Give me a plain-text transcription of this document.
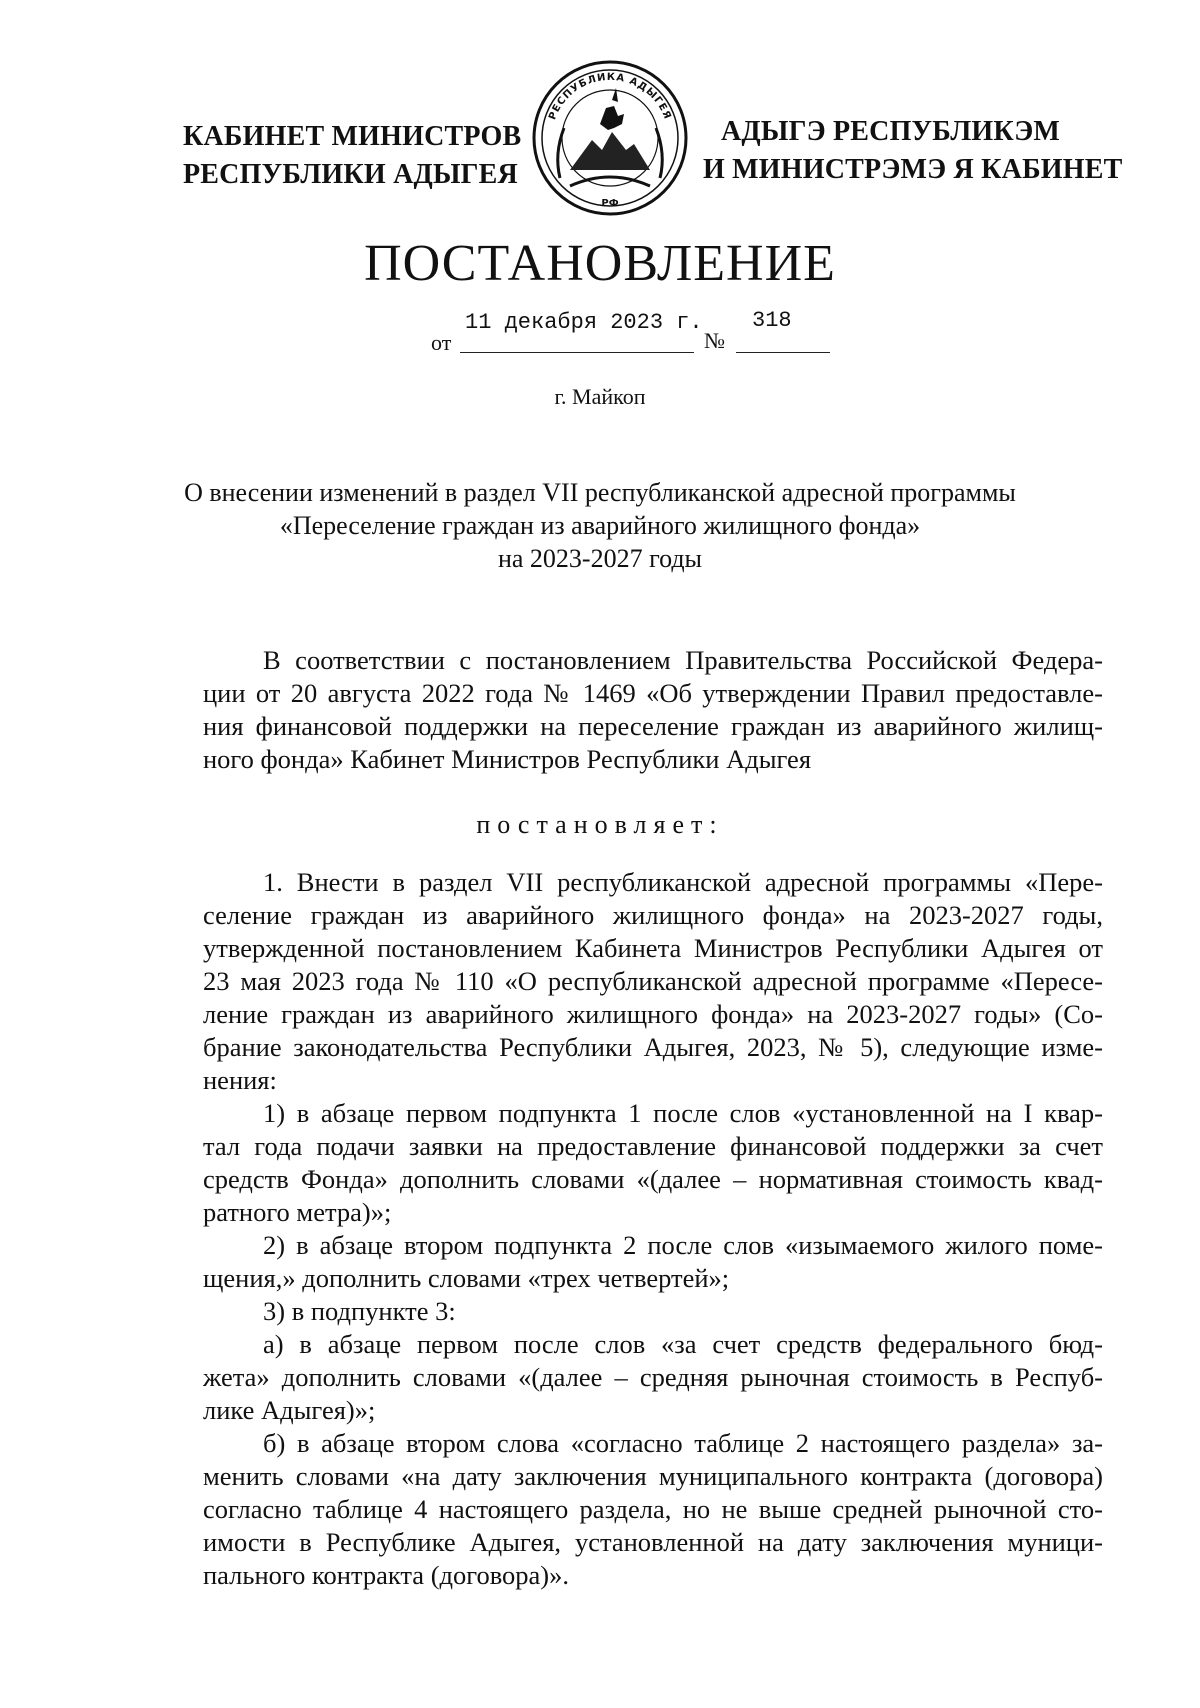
КАБИНЕТ МИНИСТРОВ
РЕСПУБЛИКИ АДЫГЕЯ
РЕСПУБЛИКА АДЫГЕЯ
РФ
АДЫГЭ РЕСПУБЛИКЭМ
И МИНИСТРЭМЭ Я КАБИНЕТ
ПОСТАНОВЛЕНИЕ
от
11 декабря 2023 г.
№
318
г. Майкоп
О внесении изменений в раздел VII республиканской адресной программы
«Переселение граждан из аварийного жилищного фонда»
на 2023-2027 годы
В соответствии с постановлением Правительства Российской Федера-
ции от 20 августа 2022 года № 1469 «Об утверждении Правил предоставле-
ния финансовой поддержки на переселение граждан из аварийного жилищ-
ного фонда» Кабинет Министров Республики Адыгея
постановляет:
1. Внести в раздел VII республиканской адресной программы «Пере-
селение граждан из аварийного жилищного фонда» на 2023-2027 годы,
утвержденной постановлением Кабинета Министров Республики Адыгея от
23 мая 2023 года № 110 «О республиканской адресной программе «Пересе-
ление граждан из аварийного жилищного фонда» на 2023-2027 годы» (Со-
брание законодательства Республики Адыгея, 2023, № 5), следующие изме-
нения:
1) в абзаце первом подпункта 1 после слов «установленной на I квар-
тал года подачи заявки на предоставление финансовой поддержки за счет
средств Фонда» дополнить словами «(далее – нормативная стоимость квад-
ратного метра)»;
2) в абзаце втором подпункта 2 после слов «изымаемого жилого поме-
щения,» дополнить словами «трех четвертей»;
3) в подпункте 3:
а) в абзаце первом после слов «за счет средств федерального бюд-
жета» дополнить словами «(далее – средняя рыночная стоимость в Респуб-
лике Адыгея)»;
б) в абзаце втором слова «согласно таблице 2 настоящего раздела» за-
менить словами «на дату заключения муниципального контракта (договора)
согласно таблице 4 настоящего раздела, но не выше средней рыночной сто-
имости в Республике Адыгея, установленной на дату заключения муници-
пального контракта (договора)».
